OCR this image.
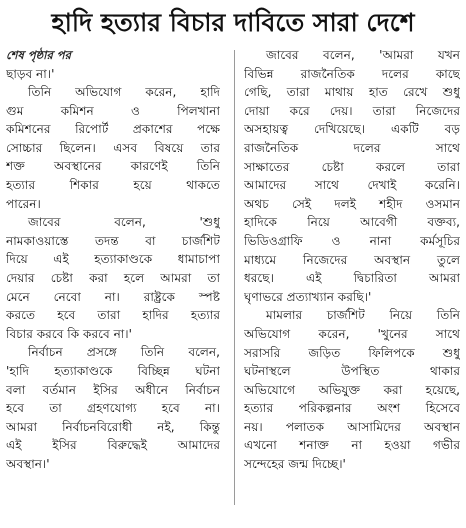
হাদি হত্যার বিচার দাবিতে সারা দেশে
শেষ পৃষ্ঠার পর
ছাড়ব না।'
তিনি অভিযোগ করেন, হাদি
গুম কমিশন ও পিলখানা
কমিশনের রিপোর্ট প্রকাশের পক্ষে
সোচ্চার ছিলেন। এসব বিষয়ে তার
শক্ত অবস্থানের কারণেই তিনি
হত্যার শিকার হয়ে থাকতে
পারেন।
জাবের বলেন, 'শুধু
নামকাওয়াস্তে তদন্ত বা চার্জশিট
দিয়ে এই হত্যাকাণ্ডকে ধামাচাপা
দেয়ার চেষ্টা করা হলে আমরা তা
মেনে নেবো না। রাষ্ট্রকে স্পষ্ট
করতে হবে তারা হাদির হত্যার
বিচার করবে কি করবে না।'
নির্বাচন প্রসঙ্গে তিনি বলেন,
'হাদি হত্যাকাণ্ডকে বিচ্ছিন্ন ঘটনা
বলা বর্তমান ইসির অধীনে নির্বাচন
হবে তা গ্রহণযোগ্য হবে না।
আমরা নির্বাচনবিরোধী নই, কিন্তু
এই ইসির বিরুদ্ধেই আমাদের
অবস্থান।'
জাবের বলেন, 'আমরা যখন
বিভিন্ন রাজনৈতিক দলের কাছে
গেছি, তারা মাথায় হাত রেখে শুধু
দোয়া করে দেয়। তারা নিজেদের
অসহায়ত্ব দেখিয়েছে। একটি বড়
রাজনৈতিক দলের সাথে
সাক্ষাতের চেষ্টা করলে তারা
আমাদের সাথে দেখাই করেনি।
অথচ সেই দলই শহীদ ওসমান
হাদিকে নিয়ে আবেগী বক্তব্য,
ভিডিওগ্রাফি ও নানা কর্মসূচির
মাধ্যমে নিজেদের অবস্থান তুলে
ধরছে। এই দ্বিচারিতা আমরা
ঘৃণাভরে প্রত্যাখ্যান করছি।'
মামলার চার্জশিট নিয়ে তিনি
অভিযোগ করেন, 'খুনের সাথে
সরাসরি জড়িত ফিলিপকে শুধু
ঘটনাস্থলে উপস্থিত থাকার
অভিযোগে অভিযুক্ত করা হয়েছে,
হত্যার পরিকল্পনার অংশ হিসেবে
নয়। পলাতক আসামিদের অবস্থান
এখনো শনাক্ত না হওয়া গভীর
সন্দেহের জন্ম দিচ্ছে।'
